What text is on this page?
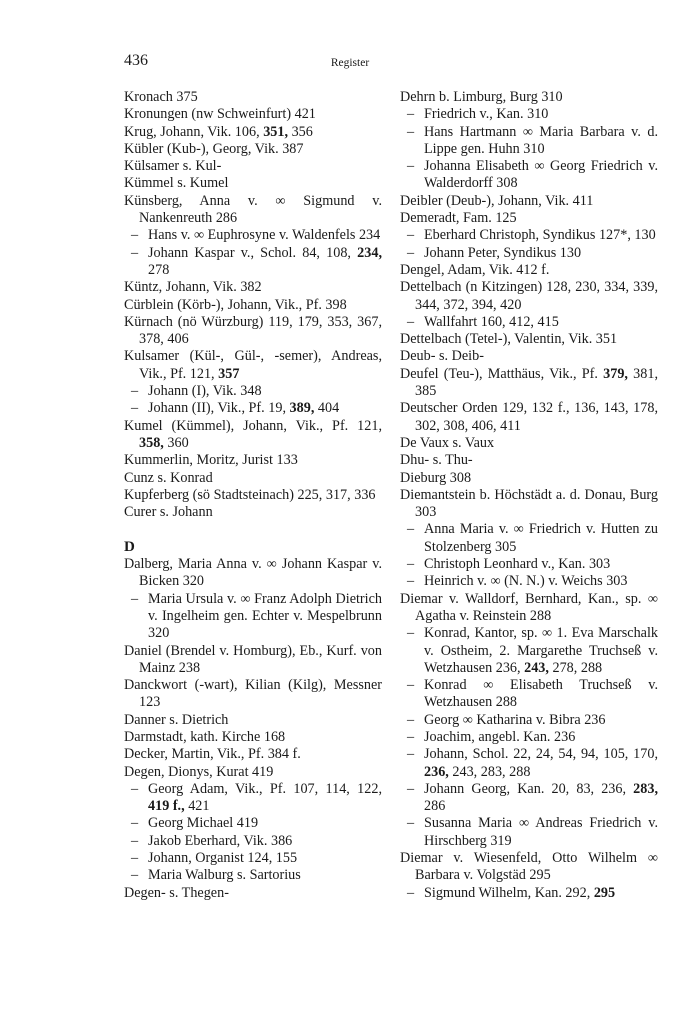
436	Register
Kronach 375
Kronungen (nw Schweinfurt) 421
Krug, Johann, Vik. 106, 351, 356
Kübler (Kub-), Georg, Vik. 387
Külsamer s. Kul-
Kümmel s. Kumel
Künsberg, Anna v. ∞ Sigmund v. Nankenreuth 286
– Hans v. ∞ Euphrosyne v. Waldenfels 234
– Johann Kaspar v., Schol. 84, 108, 234, 278
Küntz, Johann, Vik. 382
Cürblein (Körb-), Johann, Vik., Pf. 398
Kürnach (nö Würzburg) 119, 179, 353, 367, 378, 406
Kulsamer (Kül-, Gül-, -semer), Andreas, Vik., Pf. 121, 357
– Johann (I), Vik. 348
– Johann (II), Vik., Pf. 19, 389, 404
Kumel (Kümmel), Johann, Vik., Pf. 121, 358, 360
Kummerlin, Moritz, Jurist 133
Cunz s. Konrad
Kupferberg (sö Stadtsteinach) 225, 317, 336
Curer s. Johann
D
Dalberg, Maria Anna v. ∞ Johann Kaspar v. Bicken 320
– Maria Ursula v. ∞ Franz Adolph Dietrich v. Ingelheim gen. Echter v. Mespelbrunn 320
Daniel (Brendel v. Homburg), Eb., Kurf. von Mainz 238
Danckwort (-wart), Kilian (Kilg), Messner 123
Danner s. Dietrich
Darmstadt, kath. Kirche 168
Decker, Martin, Vik., Pf. 384 f.
Degen, Dionys, Kurat 419
– Georg Adam, Vik., Pf. 107, 114, 122, 419 f., 421
– Georg Michael 419
– Jakob Eberhard, Vik. 386
– Johann, Organist 124, 155
– Maria Walburg s. Sartorius
Degen- s. Thegen-
Dehrn b. Limburg, Burg 310
– Friedrich v., Kan. 310
– Hans Hartmann ∞ Maria Barbara v. d. Lippe gen. Huhn 310
– Johanna Elisabeth ∞ Georg Friedrich v. Walderdorff 308
Deibler (Deub-), Johann, Vik. 411
Demeradt, Fam. 125
– Eberhard Christoph, Syndikus 127*, 130
– Johann Peter, Syndikus 130
Dengel, Adam, Vik. 412 f.
Dettelbach (n Kitzingen) 128, 230, 334, 339, 344, 372, 394, 420
– Wallfahrt 160, 412, 415
Dettelbach (Tetel-), Valentin, Vik. 351
Deub- s. Deib-
Deufel (Teu-), Matthäus, Vik., Pf. 379, 381, 385
Deutscher Orden 129, 132 f., 136, 143, 178, 302, 308, 406, 411
De Vaux s. Vaux
Dhu- s. Thu-
Dieburg 308
Diemantstein b. Höchstädt a. d. Donau, Burg 303
– Anna Maria v. ∞ Friedrich v. Hutten zu Stolzenberg 305
– Christoph Leonhard v., Kan. 303
– Heinrich v. ∞ (N. N.) v. Weichs 303
Diemar v. Walldorf, Bernhard, Kan., sp. ∞ Agatha v. Reinstein 288
– Konrad, Kantor, sp. ∞ 1. Eva Marschalk v. Ostheim, 2. Margarethe Truchseß v. Wetzhausen 236, 243, 278, 288
– Konrad ∞ Elisabeth Truchseß v. Wetzhausen 288
– Georg ∞ Katharina v. Bibra 236
– Joachim, angebl. Kan. 236
– Johann, Schol. 22, 24, 54, 94, 105, 170, 236, 243, 283, 288
– Johann Georg, Kan. 20, 83, 236, 283, 286
– Susanna Maria ∞ Andreas Friedrich v. Hirschberg 319
Diemar v. Wiesenfeld, Otto Wilhelm ∞ Barbara v. Volgstäd 295
– Sigmund Wilhelm, Kan. 292, 295
